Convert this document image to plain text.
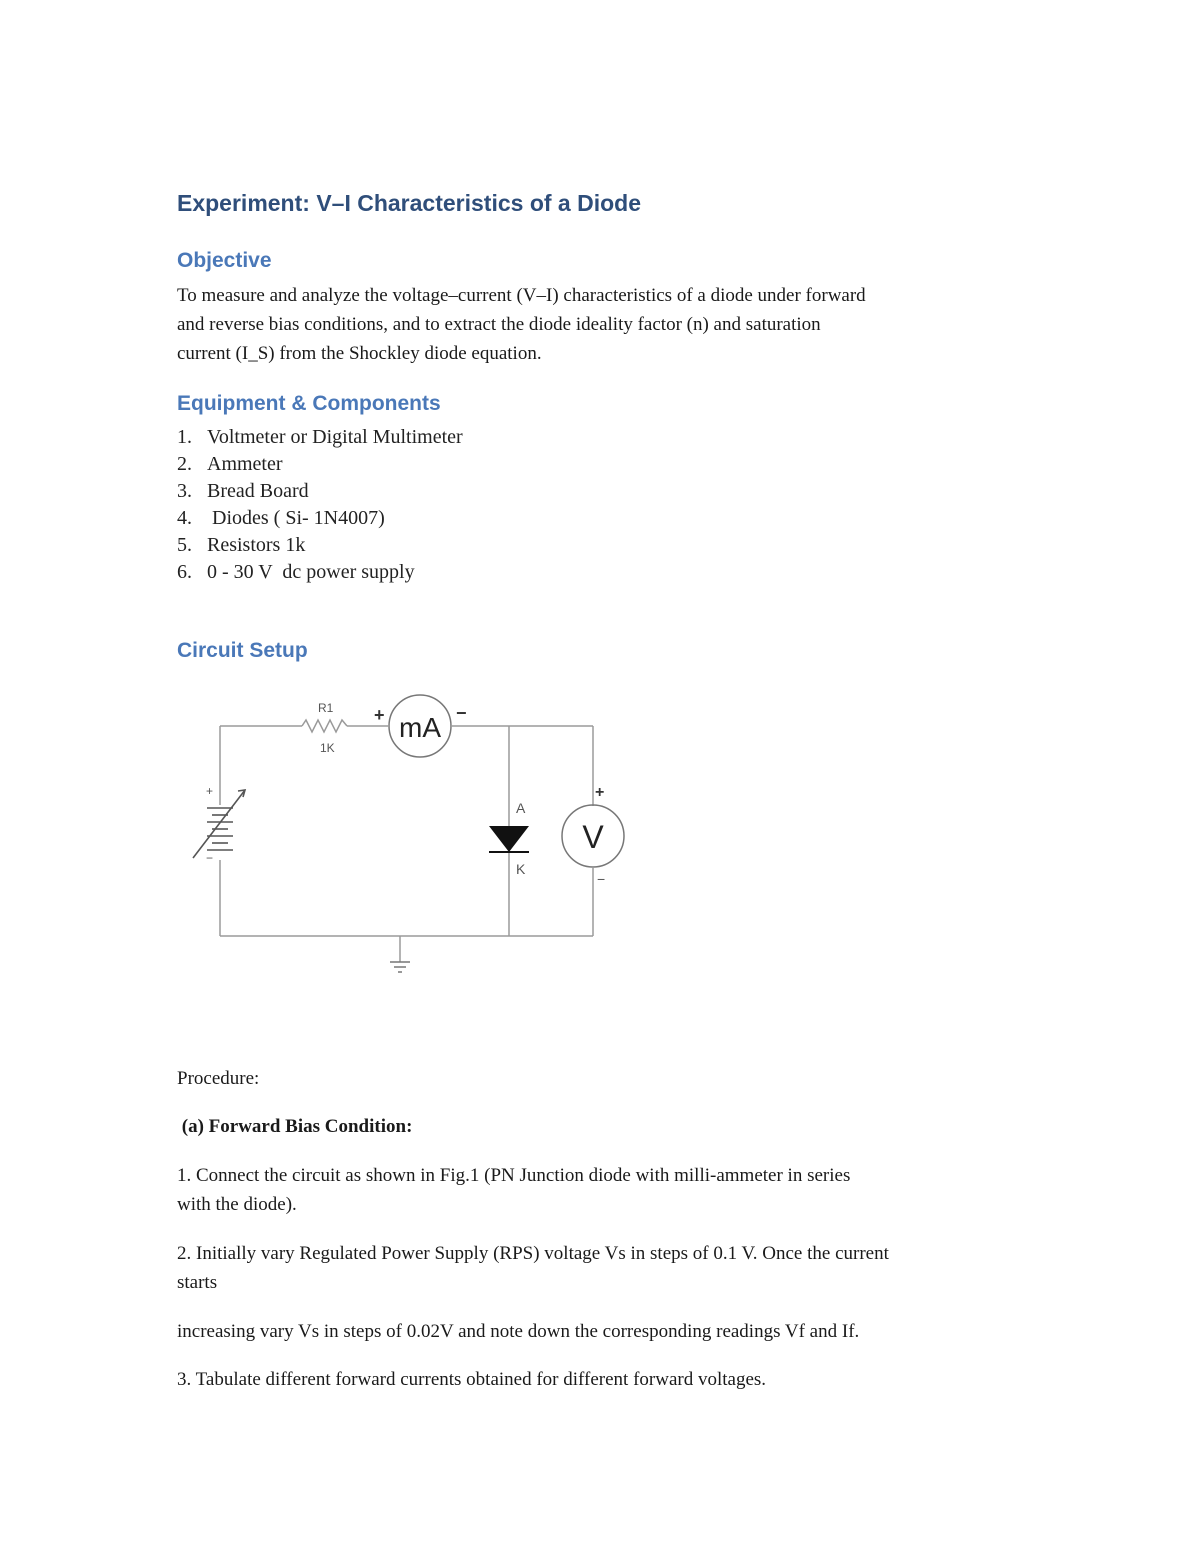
Experiment: V–I Characteristics of a Diode
Objective
To measure and analyze the voltage–current (V–I) characteristics of a diode under forward
and reverse bias conditions, and to extract the diode ideality factor (n) and saturation
current (I_S) from the Shockley diode equation.
Equipment & Components
1. Voltmeter or Digital Multimeter
2. Ammeter
3. Bread Board
4. Diodes ( Si- 1N4007)
5. Resistors 1k
6. 0 - 30 V  dc power supply
Circuit Setup
R1
1K
mA
+	−
V
+
−
A
K
+
−
Procedure:
(a) Forward Bias Condition:
1. Connect the circuit as shown in Fig.1 (PN Junction diode with milli-ammeter in series
with the diode).
2. Initially vary Regulated Power Supply (RPS) voltage Vs in steps of 0.1 V. Once the current
starts
increasing vary Vs in steps of 0.02V and note down the corresponding readings Vf and If.
3. Tabulate different forward currents obtained for different forward voltages.
